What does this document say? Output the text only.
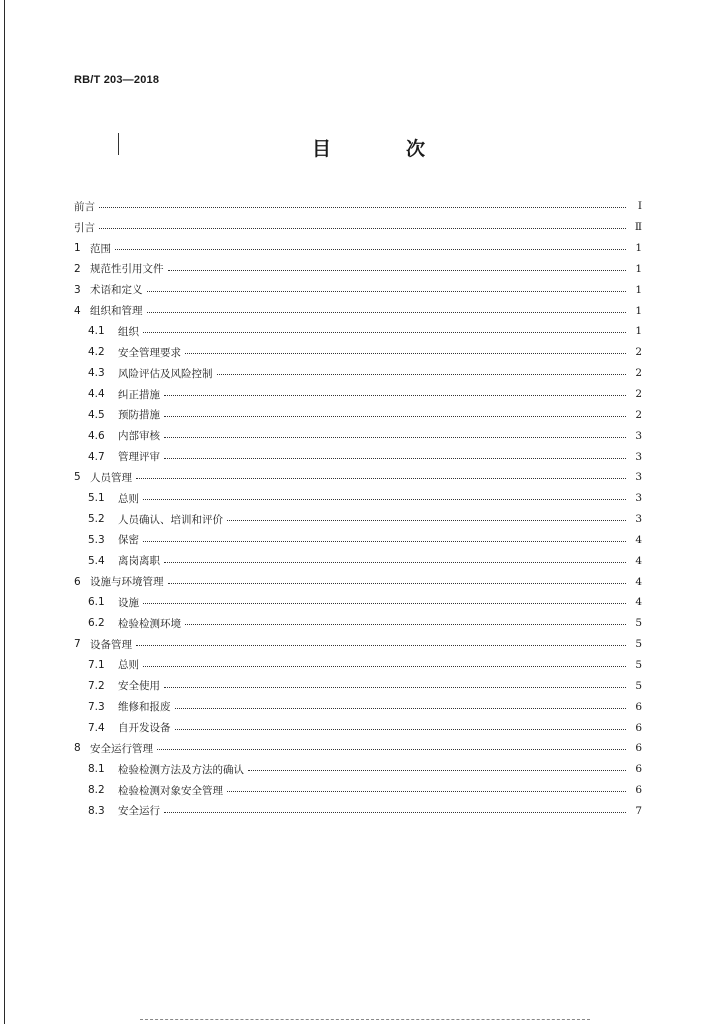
RB/T 203—2018
目　次
前言	Ⅰ
引言	Ⅱ
1 范围	1
2 规范性引用文件	1
3 术语和定义	1
4 组织和管理	1
4.1	组织	1
4.2	安全管理要求	2
4.3	风险评估及风险控制	2
4.4	纠正措施	2
4.5	预防措施	2
4.6	内部审核	3
4.7	管理评审	3
5 人员管理	3
5.1	总则	3
5.2	人员确认、培训和评价	3
5.3	保密	4
5.4	离岗离职	4
6 设施与环境管理	4
6.1	设施	4
6.2	检验检测环境	5
7 设备管理	5
7.1	总则	5
7.2	安全使用	5
7.3	维修和报废	6
7.4	自开发设备	6
8 安全运行管理	6
8.1	检验检测方法及方法的确认	6
8.2	检验检测对象安全管理	6
8.3	安全运行	7
